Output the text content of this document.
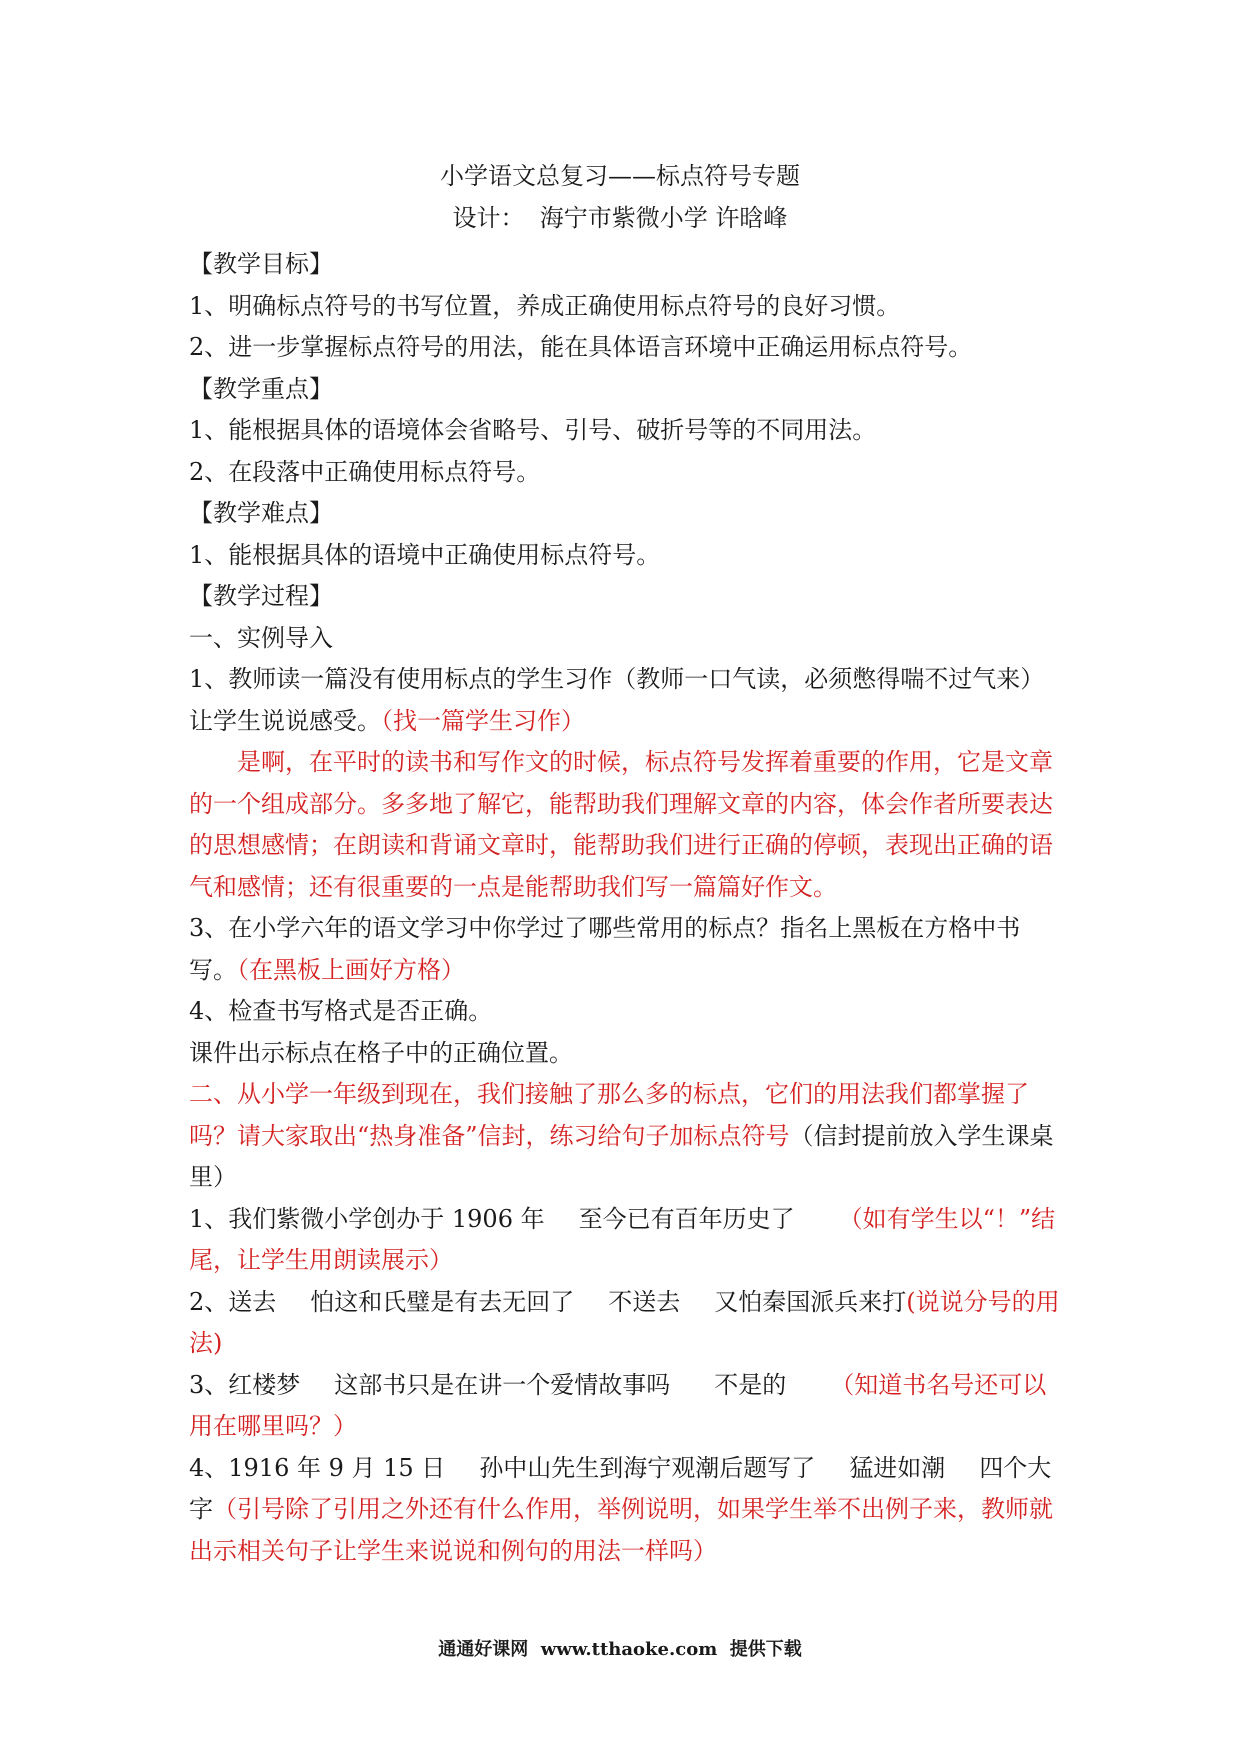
小学语文总复习——标点符号专题
设计：  海宁市紫微小学 许晗峰

【教学目标】

1、明确标点符号的书写位置，养成正确使用标点符号的良好习惯。

2、进一步掌握标点符号的用法，能在具体语言环境中正确运用标点符号。

【教学重点】

1、能根据具体的语境体会省略号、引号、破折号等的不同用法。

2、在段落中正确使用标点符号。

【教学难点】

1、能根据具体的语境中正确使用标点符号。

【教学过程】

一、实例导入

1、教师读一篇没有使用标点的学生习作（教师一口气读，必须憋得喘不过气来）让学生说说感受。（找一篇学生习作）

是啊，在平时的读书和写作文的时候，标点符号发挥着重要的作用，它是文章的一个组成部分。多多地了解它，能帮助我们理解文章的内容，体会作者所要表达的思想感情；在朗读和背诵文章时，能帮助我们进行正确的停顿，表现出正确的语气和感情；还有很重要的一点是能帮助我们写一篇篇好作文。

3、在小学六年的语文学习中你学过了哪些常用的标点？指名上黑板在方格中书写。（在黑板上画好方格）

4、检查书写格式是否正确。

课件出示标点在格子中的正确位置。

二、从小学一年级到现在，我们接触了那么多的标点，它们的用法我们都掌握了吗？请大家取出“热身准备”信封，练习给句子加标点符号（信封提前放入学生课桌里）

1、我们紫微小学创办于 1906 年 至今已有百年历史了 （如有学生以“！”结尾，让学生用朗读展示）

2、送去 怕这和氏璧是有去无回了 不送去 又怕秦国派兵来打(说说分号的用法)

3、红楼梦 这部书只是在讲一个爱情故事吗 不是的 （知道书名号还可以用在哪里吗？）

4、1916 年 9 月 15 日 孙中山先生到海宁观潮后题写了 猛进如潮 四个大字（引号除了引用之外还有什么作用，举例说明，如果学生举不出例子来，教师就出示相关句子让学生来说说和例句的用法一样吗）

通通好课网  www.tthaoke.com  提供下载
